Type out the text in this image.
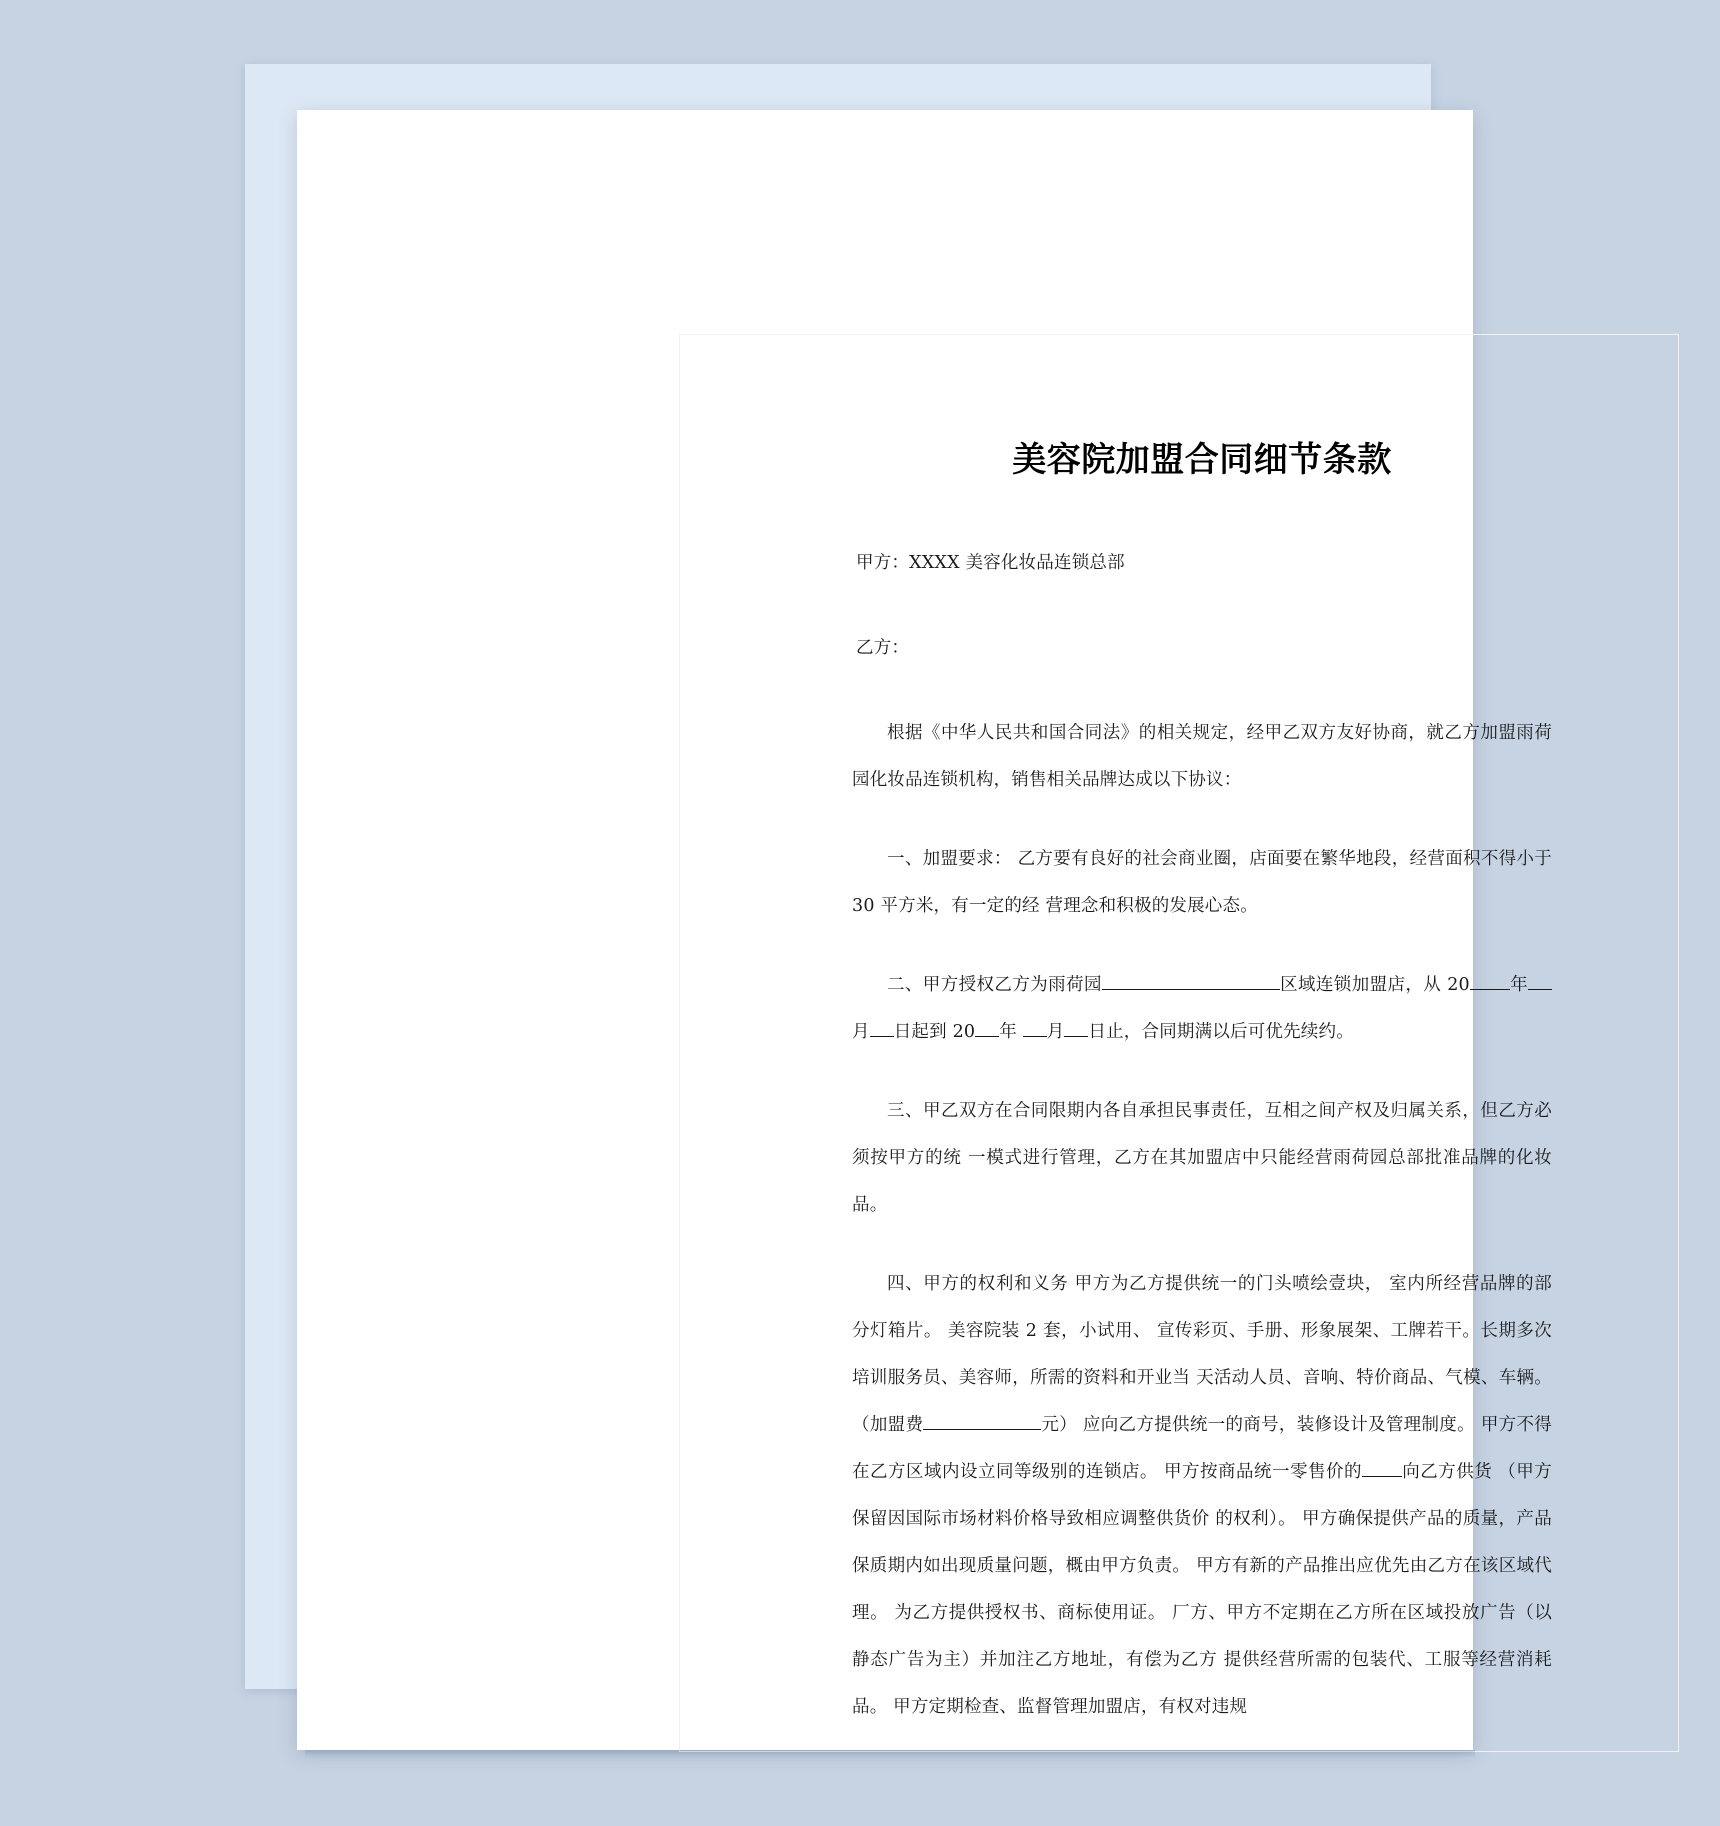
美容院加盟合同细节条款

甲方：XXXX 美容化妆品连锁总部

乙方：

根据《中华人民共和国合同法》的相关规定，经甲乙双方友好协商，就乙方加盟雨荷园化妆品连锁机构，销售相关品牌达成以下协议：

一、加盟要求： 乙方要有良好的社会商业圈，店面要在繁华地段，经营面积不得小于 30 平方米，有一定的经 营理念和积极的发展心态。

二、甲方授权乙方为雨荷园	区域连锁加盟店，从 20 年月 日起到 20 年 月 日止，合同期满以后可优先续约。

三、甲乙双方在合同限期内各自承担民事责任，互相之间产权及归属关系，但乙方必须按甲方的统 一模式进行管理，乙方在其加盟店中只能经营雨荷园总部批准品牌的化妆品。

四、甲方的权利和义务 甲方为乙方提供统一的门头喷绘壹块， 室内所经营品牌的部分灯箱片。 美容院装 2 套，小试用、 宣传彩页、手册、形象展架、工牌若干。长期多次培训服务员、美容师，所需的资料和开业当 天活动人员、音响、特价商品、气模、车辆。 （加盟费	元） 应向乙方提供统一的商号，装修设计及管理制度。 甲方不得在乙方区域内设立同等级别的连锁店。 甲方按商品统一零售价的 向乙方供货 （甲方保留因国际市场材料价格导致相应调整供货价 的权利）。 甲方确保提供产品的质量，产品保质期内如出现质量问题，概由甲方负责。 甲方有新的产品推出应优先由乙方在该区域代理。 为乙方提供授权书、商标使用证。 厂方、甲方不定期在乙方所在区域投放广告（以静态广告为主）并加注乙方地址，有偿为乙方 提供经营所需的包装代、工服等经营消耗品。 甲方定期检查、监督管理加盟店，有权对违规
